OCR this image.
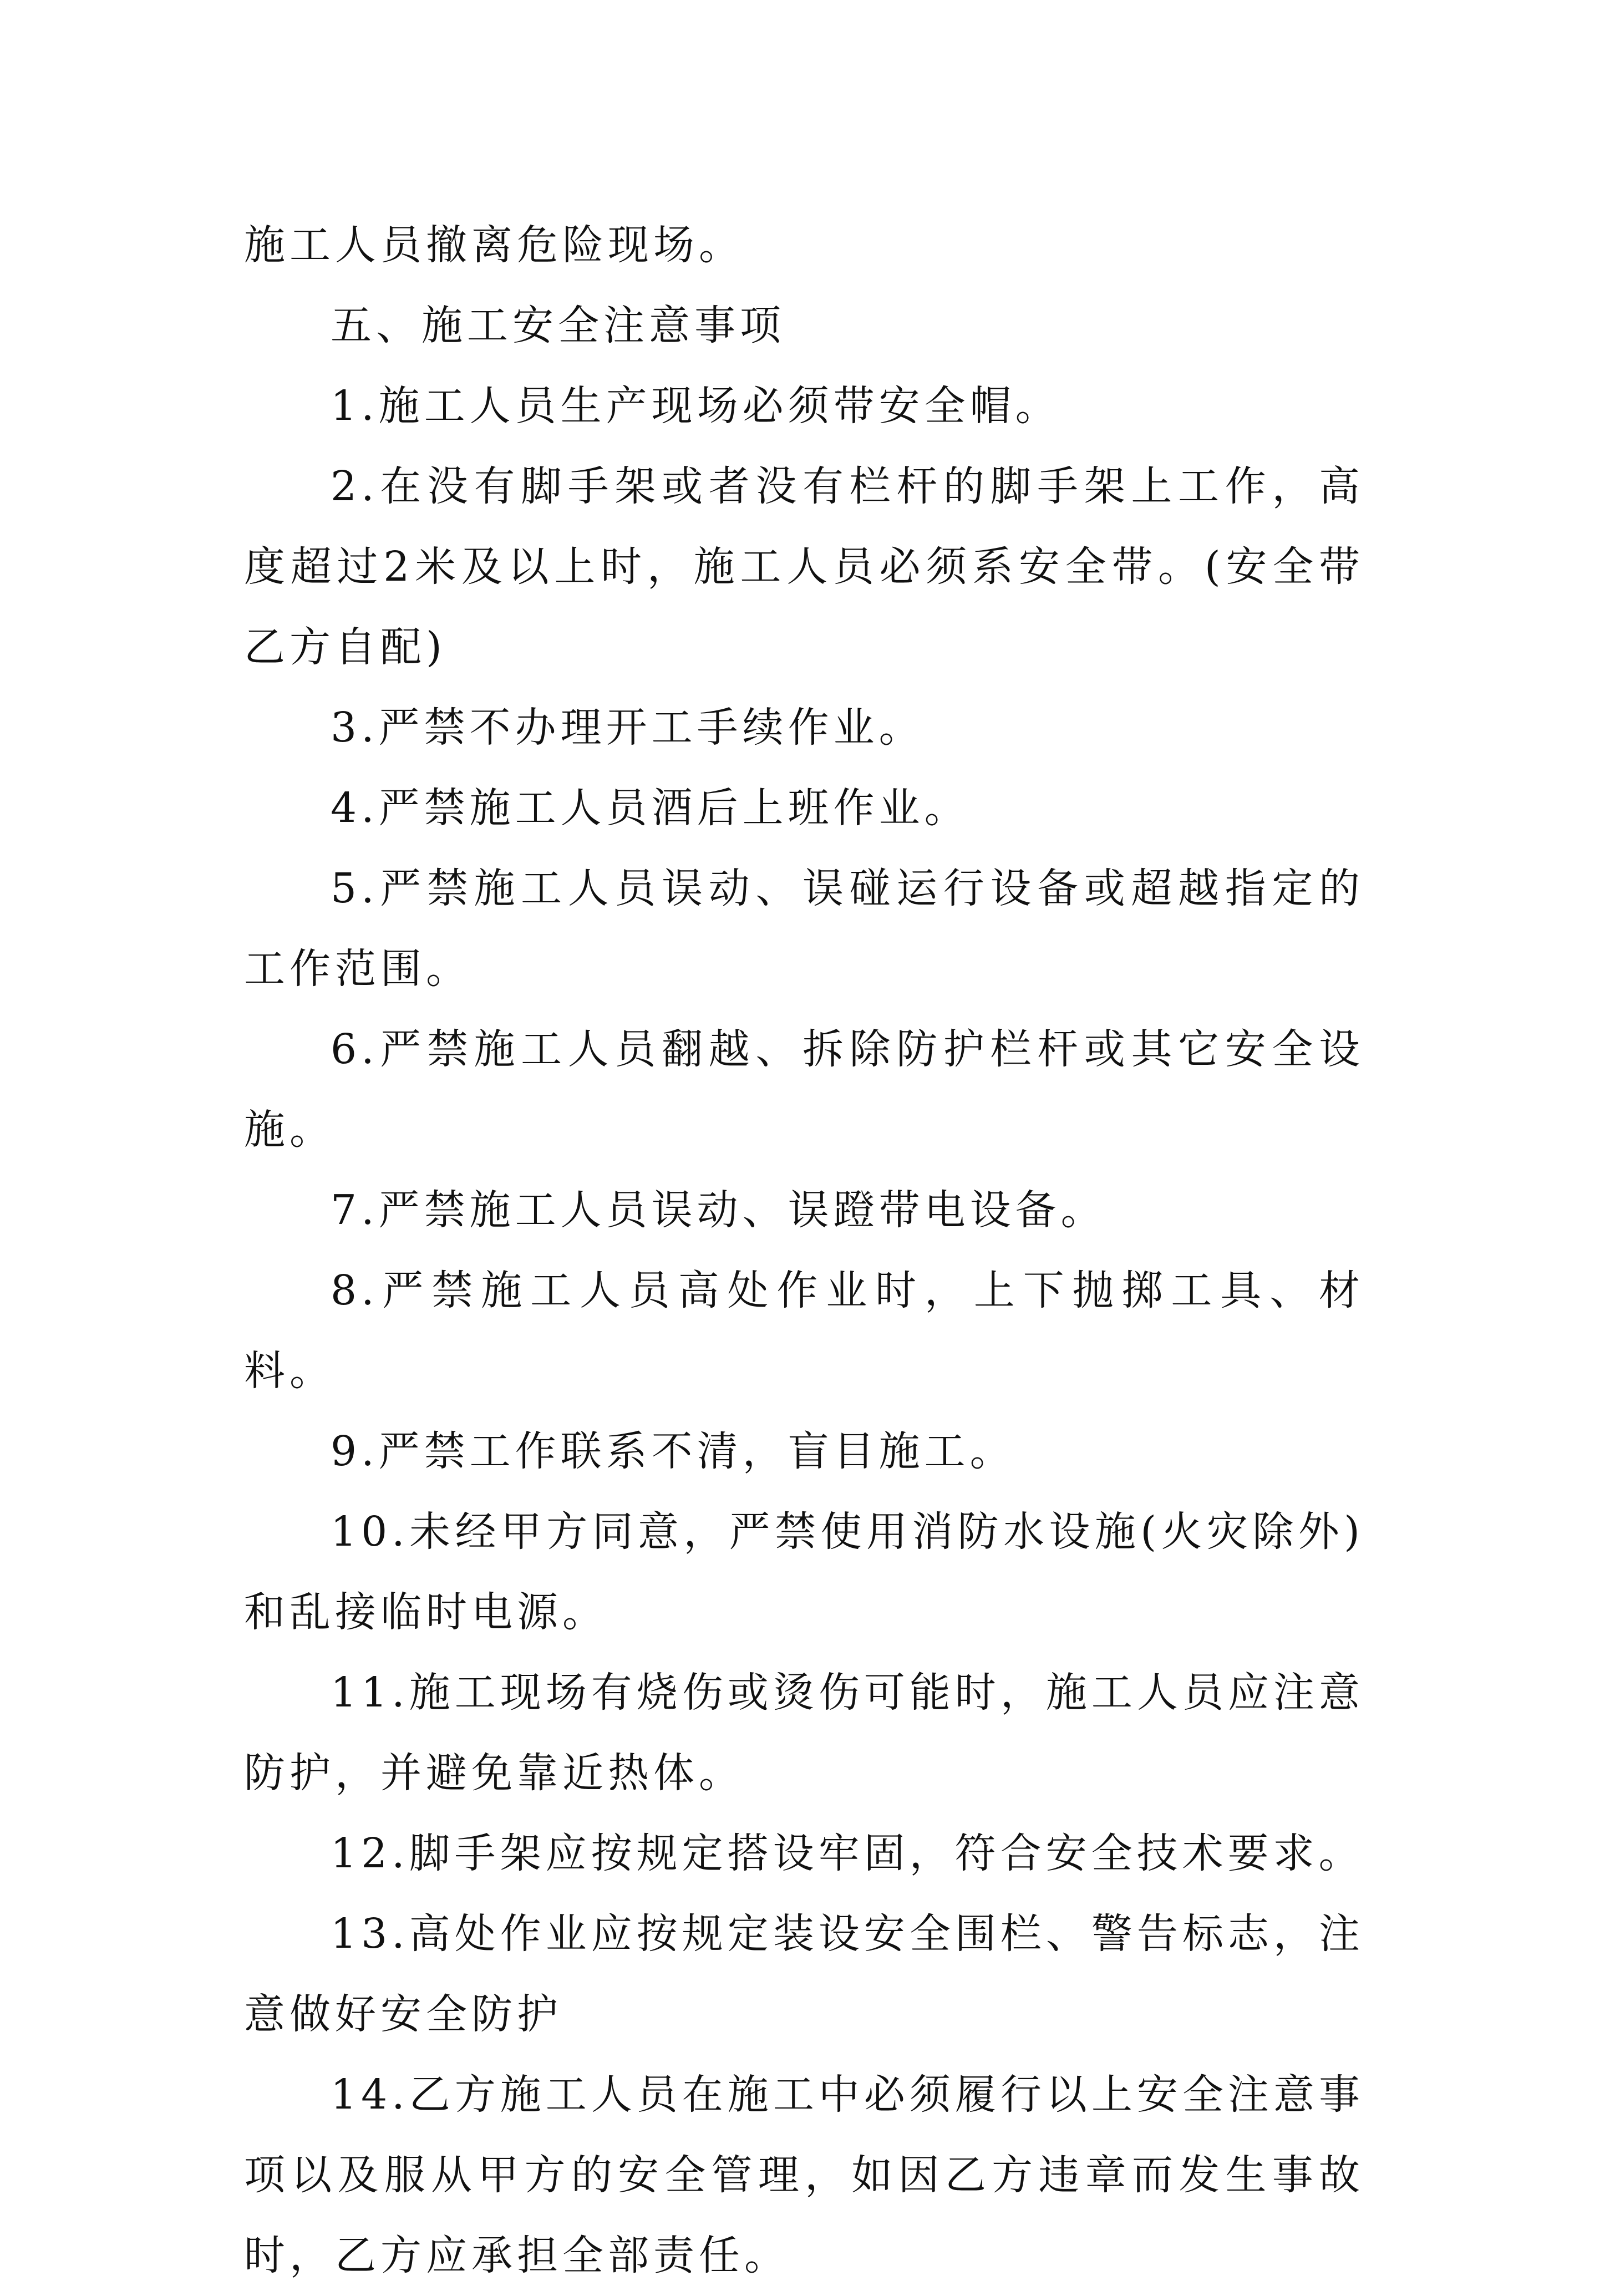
施工人员撤离危险现场。

五、施工安全注意事项

1.施工人员生产现场必须带安全帽。

2.在没有脚手架或者没有栏杆的脚手架上工作，高度超过2米及以上时，施工人员必须系安全带。(安全带乙方自配)

3.严禁不办理开工手续作业。

4.严禁施工人员酒后上班作业。

5.严禁施工人员误动、误碰运行设备或超越指定的工作范围。

6.严禁施工人员翻越、拆除防护栏杆或其它安全设施。

7.严禁施工人员误动、误蹬带电设备。

8.严禁施工人员高处作业时，上下抛掷工具、材料。

9.严禁工作联系不清，盲目施工。

10.未经甲方同意，严禁使用消防水设施(火灾除外)和乱接临时电源。

11.施工现场有烧伤或烫伤可能时，施工人员应注意防护，并避免靠近热体。

12.脚手架应按规定搭设牢固，符合安全技术要求。

13.高处作业应按规定装设安全围栏、警告标志，注意做好安全防护

14.乙方施工人员在施工中必须履行以上安全注意事项以及服从甲方的安全管理，如因乙方违章而发生事故时，乙方应承担全部责任。
